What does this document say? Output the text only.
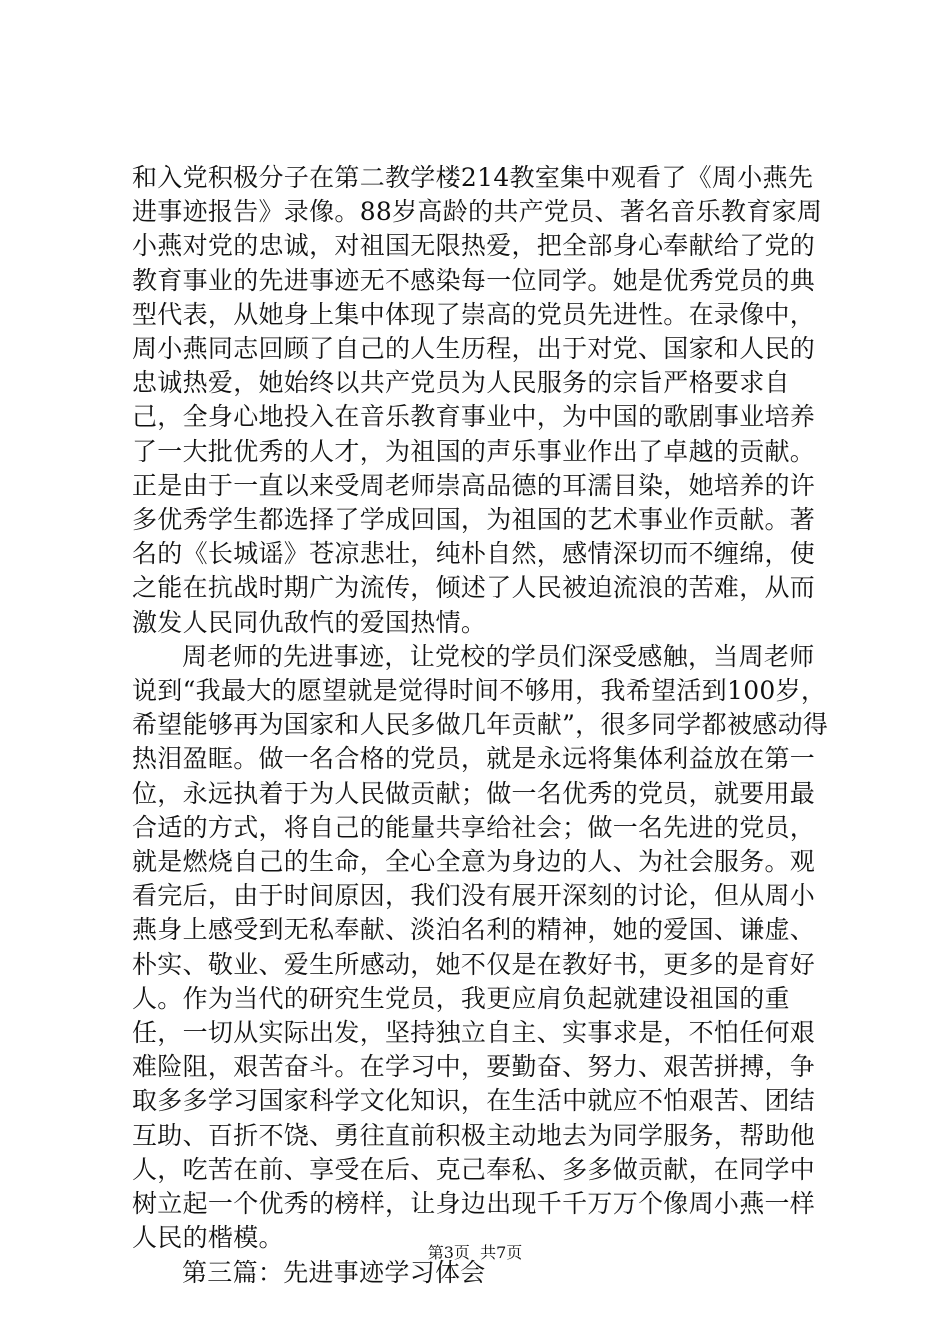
和入党积极分子在第二教学楼214教室集中观看了《周小燕先进事迹报告》录像。88岁高龄的共产党员、著名音乐教育家周小燕对党的忠诚，对祖国无限热爱，把全部身心奉献给了党的教育事业的先进事迹无不感染每一位同学。她是优秀党员的典型代表，从她身上集中体现了崇高的党员先进性。在录像中，周小燕同志回顾了自己的人生历程，出于对党、国家和人民的忠诚热爱，她始终以共产党员为人民服务的宗旨严格要求自己，全身心地投入在音乐教育事业中，为中国的歌剧事业培养了一大批优秀的人才，为祖国的声乐事业作出了卓越的贡献。正是由于一直以来受周老师崇高品德的耳濡目染，她培养的许多优秀学生都选择了学成回国，为祖国的艺术事业作贡献。著名的《长城谣》苍凉悲壮，纯朴自然，感情深切而不缠绵，使之能在抗战时期广为流传，倾述了人民被迫流浪的苦难，从而激发人民同仇敌忾的爱国热情。

周老师的先进事迹，让党校的学员们深受感触，当周老师说到“我最大的愿望就是觉得时间不够用，我希望活到100岁，希望能够再为国家和人民多做几年贡献”，很多同学都被感动得热泪盈眶。做一名合格的党员，就是永远将集体利益放在第一位，永远执着于为人民做贡献；做一名优秀的党员，就要用最合适的方式，将自己的能量共享给社会；做一名先进的党员，就是燃烧自己的生命，全心全意为身边的人、为社会服务。观看完后，由于时间原因，我们没有展开深刻的讨论，但从周小燕身上感受到无私奉献、淡泊名利的精神，她的爱国、谦虚、朴实、敬业、爱生所感动，她不仅是在教好书，更多的是育好人。作为当代的研究生党员，我更应肩负起就建设祖国的重任，一切从实际出发，坚持独立自主、实事求是，不怕任何艰难险阻，艰苦奋斗。在学习中，要勤奋、努力、艰苦拼搏，争取多多学习国家科学文化知识，在生活中就应不怕艰苦、团结互助、百折不饶、勇往直前积极主动地去为同学服务，帮助他人，吃苦在前、享受在后、克己奉私、多多做贡献，在同学中树立起一个优秀的榜样，让身边出现千千万万个像周小燕一样人民的楷模。

第三篇：先进事迹学习体会

第3页 共7页
